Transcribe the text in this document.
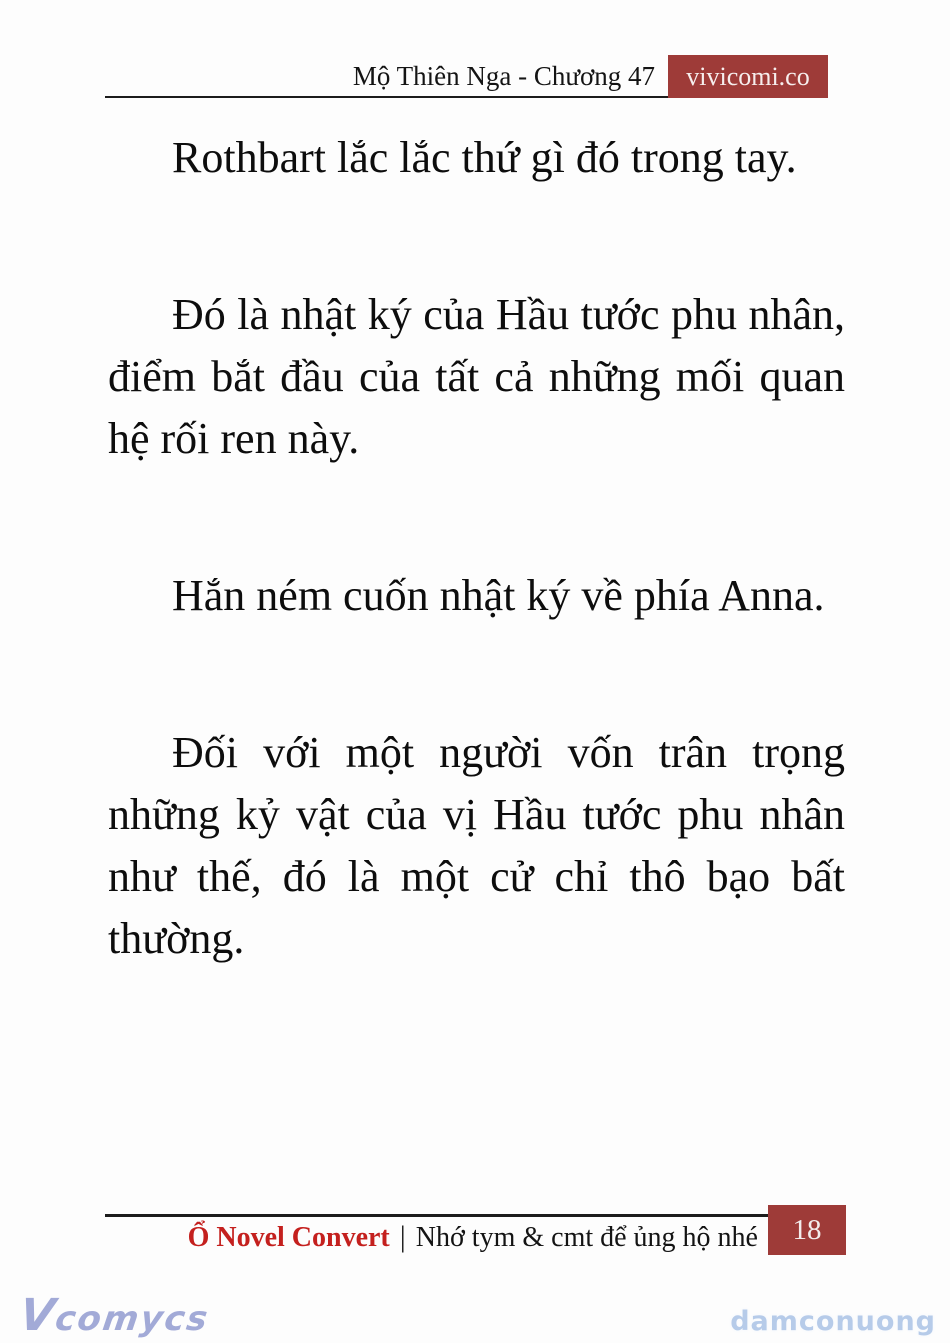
Mộ Thiên Nga - Chương 47	vivicomi.co

Rothbart lắc lắc thứ gì đó trong tay.

Đó là nhật ký của Hầu tước phu nhân, điểm bắt đầu của tất cả những mối quan hệ rối ren này.

Hắn ném cuốn nhật ký về phía Anna.

Đối với một người vốn trân trọng những kỷ vật của vị Hầu tước phu nhân như thế, đó là một cử chỉ thô bạo bất thường.

Ổ Novel Convert | Nhớ tym & cmt để ủng hộ nhé	18
Vcomycs	damconuong
